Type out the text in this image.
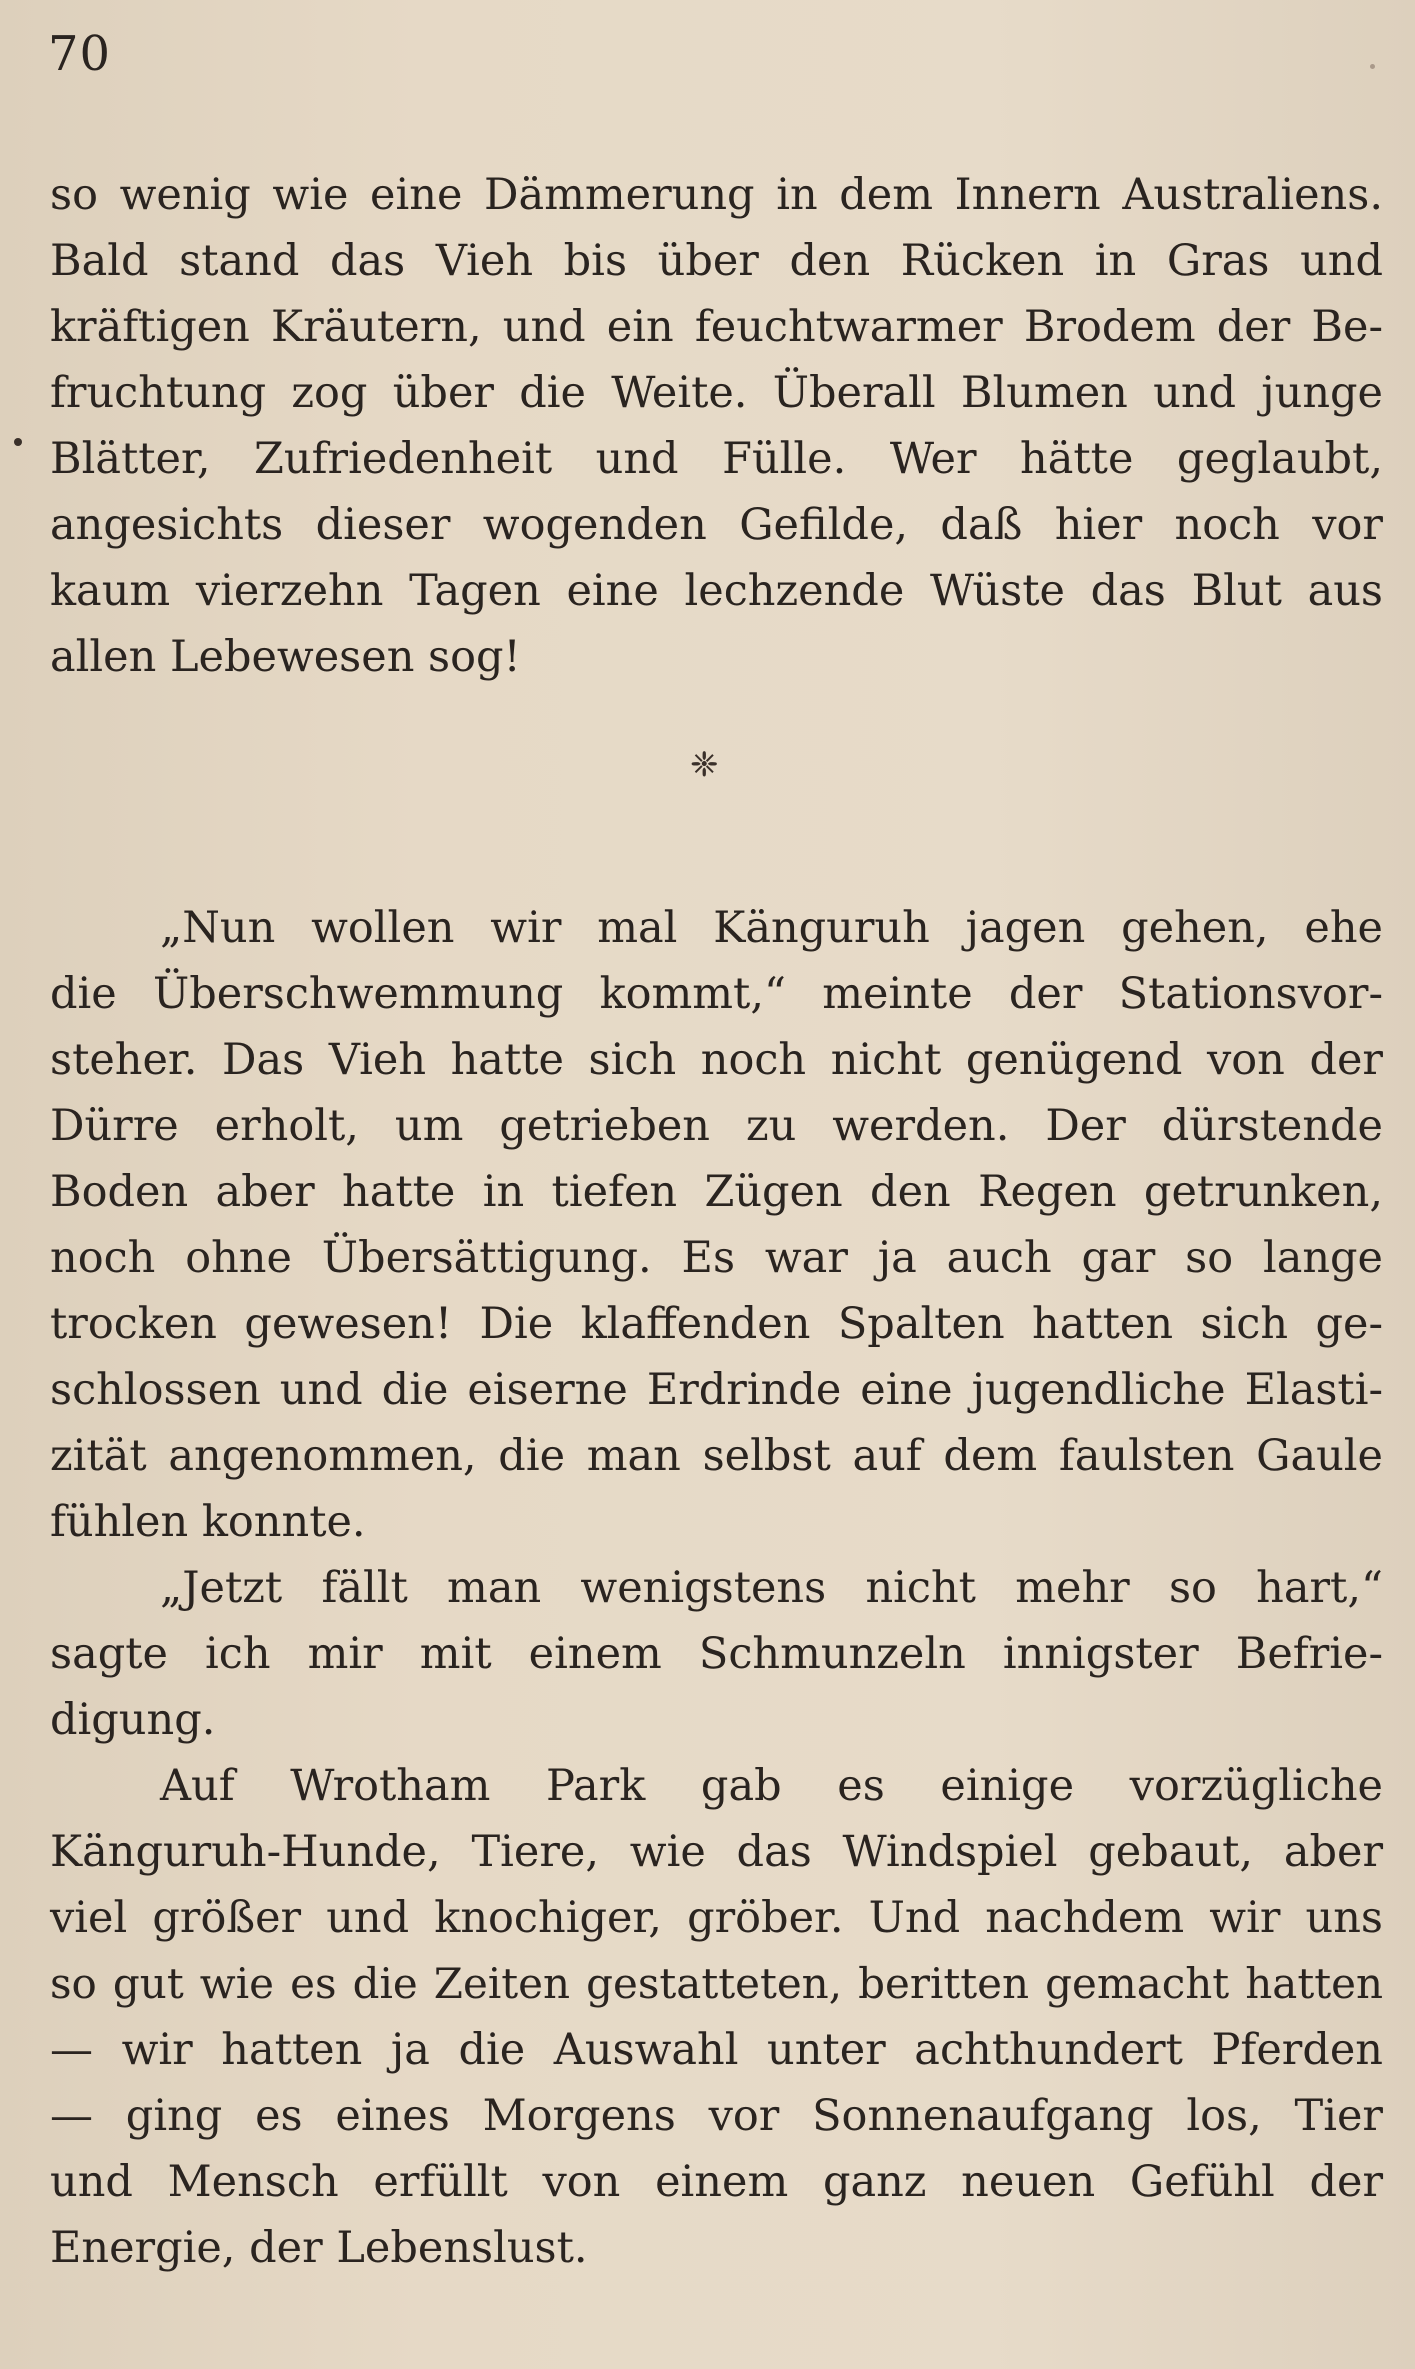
70
so wenig wie eine Dämmerung in dem Innern Australiens.
Bald stand das Vieh bis über den Rücken in Gras und
kräftigen Kräutern, und ein feuchtwarmer Brodem der Be-
fruchtung zog über die Weite. Überall Blumen und junge
Blätter, Zufriedenheit und Fülle. Wer hätte geglaubt,
angesichts dieser wogenden Gefilde, daß hier noch vor
kaum vierzehn Tagen eine lechzende Wüste das Blut aus
allen Lebewesen sog!
❈
„Nun wollen wir mal Känguruh jagen gehen, ehe
die Überschwemmung kommt,“ meinte der Stationsvor-
steher. Das Vieh hatte sich noch nicht genügend von der
Dürre erholt, um getrieben zu werden. Der dürstende
Boden aber hatte in tiefen Zügen den Regen getrunken,
noch ohne Übersättigung. Es war ja auch gar so lange
trocken gewesen! Die klaffenden Spalten hatten sich ge-
schlossen und die eiserne Erdrinde eine jugendliche Elasti-
zität angenommen, die man selbst auf dem faulsten Gaule
fühlen konnte.
„Jetzt fällt man wenigstens nicht mehr so hart,“
sagte ich mir mit einem Schmunzeln innigster Befrie-
digung.
Auf Wrotham Park gab es einige vorzügliche
Känguruh-Hunde, Tiere, wie das Windspiel gebaut, aber
viel größer und knochiger, gröber. Und nachdem wir uns
so gut wie es die Zeiten gestatteten, beritten gemacht hatten
— wir hatten ja die Auswahl unter achthundert Pferden
— ging es eines Morgens vor Sonnenaufgang los, Tier
und Mensch erfüllt von einem ganz neuen Gefühl der
Energie, der Lebenslust.
